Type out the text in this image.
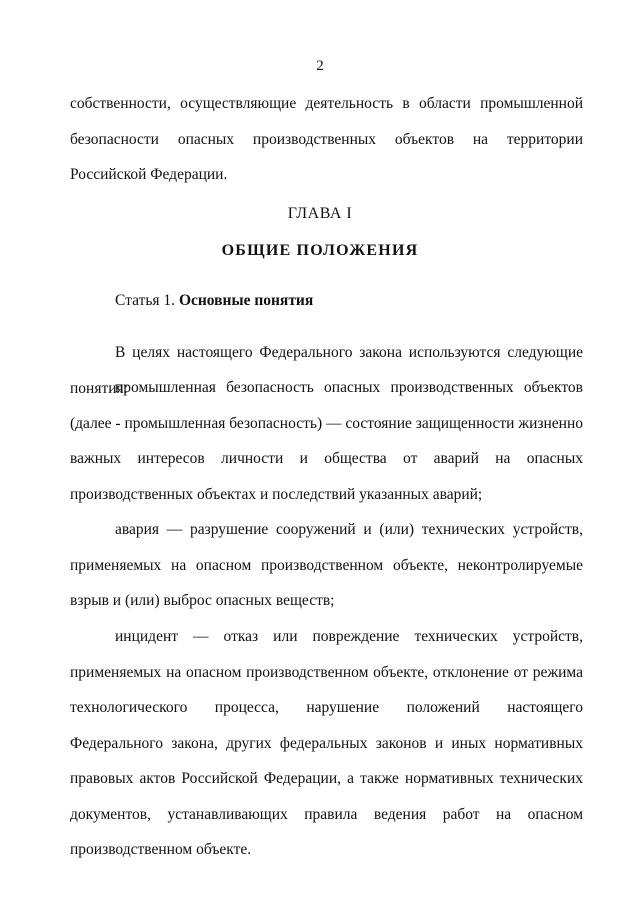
2

собственности, осуществляющие деятельность в области промышленной безопасности опасных производственных объектов на территории Российской Федерации.

ГЛАВА I
ОБЩИЕ ПОЛОЖЕНИЯ
Статья 1. Основные понятия

В целях настоящего Федерального закона используются следующие понятия:

промышленная безопасность опасных производственных объектов (далее - промышленная безопасность) — состояние защищенности жизненно важных интересов личности и общества от аварий на опасных производственных объектах и последствий указанных аварий;

авария — разрушение сооружений и (или) технических устройств, применяемых на опасном производственном объекте, неконтролируемые взрыв и (или) выброс опасных веществ;

инцидент — отказ или повреждение технических устройств, применяемых на опасном производственном объекте, отклонение от режима технологического процесса, нарушение положений настоящего Федерального закона, других федеральных законов и иных нормативных правовых актов Российской Федерации, а также нормативных технических документов, устанавливающих правила ведения работ на опасном производственном объекте.
